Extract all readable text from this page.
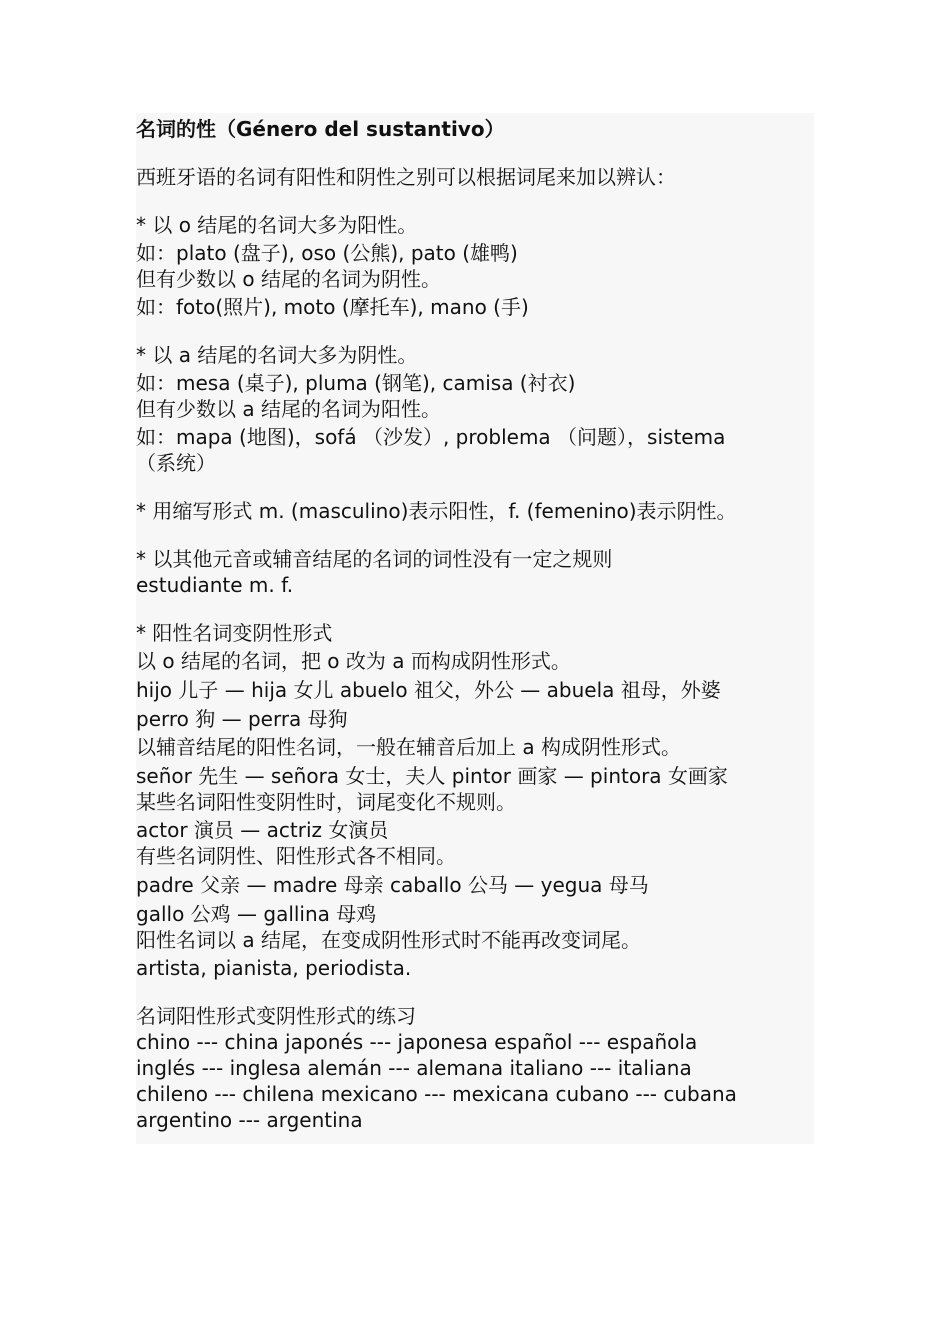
名词的性（Género del sustantivo）
西班牙语的名词有阳性和阴性之别可以根据词尾来加以辨认：
* 以 o 结尾的名词大多为阳性。
如：plato (盘子), oso (公熊), pato (雄鸭)
但有少数以 o 结尾的名词为阴性。
如：foto(照片), moto (摩托车), mano (手)
* 以 a 结尾的名词大多为阴性。
如：mesa (桌子), pluma (钢笔), camisa (衬衣)
但有少数以 a 结尾的名词为阳性。
如：mapa (地图)，sofá （沙发）, problema （问题），sistema
（系统）
* 用缩写形式 m. (masculino)表示阳性，f. (femenino)表示阴性。
* 以其他元音或辅音结尾的名词的词性没有一定之规则
estudiante m. f.
* 阳性名词变阴性形式
以 o 结尾的名词，把 o 改为 a 而构成阴性形式。
hijo 儿子 — hija 女儿 abuelo 祖父，外公 — abuela 祖母，外婆
perro 狗 — perra 母狗
以辅音结尾的阳性名词，一般在辅音后加上 a 构成阴性形式。
señor 先生 — señora 女士，夫人 pintor 画家 — pintora 女画家
某些名词阳性变阴性时，词尾变化不规则。
actor 演员 — actriz 女演员
有些名词阴性、阳性形式各不相同。
padre 父亲 — madre 母亲 caballo 公马 — yegua 母马
gallo 公鸡 — gallina 母鸡
阳性名词以 a 结尾，在变成阴性形式时不能再改变词尾。
artista, pianista, periodista.
名词阳性形式变阴性形式的练习
chino --- china japonés --- japonesa español --- española
inglés --- inglesa alemán --- alemana italiano --- italiana
chileno --- chilena mexicano --- mexicana cubano --- cubana
argentino --- argentina
